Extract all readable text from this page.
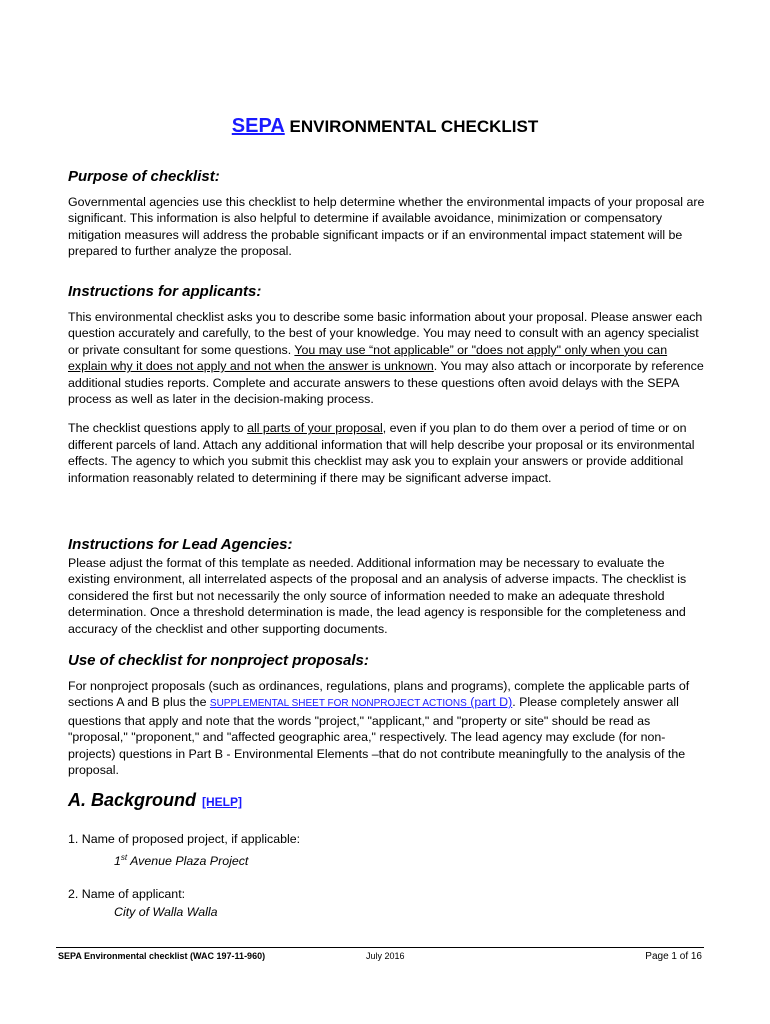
SEPA ENVIRONMENTAL CHECKLIST
Purpose of checklist:

Governmental agencies use this checklist to help determine whether the environmental impacts of your proposal are significant. This information is also helpful to determine if available avoidance, minimization or compensatory mitigation measures will address the probable significant impacts or if an environmental impact statement will be prepared to further analyze the proposal.

Instructions for applicants:

This environmental checklist asks you to describe some basic information about your proposal. Please answer each question accurately and carefully, to the best of your knowledge. You may need to consult with an agency specialist or private consultant for some questions. You may use “not applicable” or "does not apply" only when you can explain why it does not apply and not when the answer is unknown. You may also attach or incorporate by reference additional studies reports. Complete and accurate answers to these questions often avoid delays with the SEPA process as well as later in the decision-making process.

The checklist questions apply to all parts of your proposal, even if you plan to do them over a period of time or on different parcels of land. Attach any additional information that will help describe your proposal or its environmental effects. The agency to which you submit this checklist may ask you to explain your answers or provide additional information reasonably related to determining if there may be significant adverse impact.

Instructions for Lead Agencies:

Please adjust the format of this template as needed. Additional information may be necessary to evaluate the existing environment, all interrelated aspects of the proposal and an analysis of adverse impacts. The checklist is considered the first but not necessarily the only source of information needed to make an adequate threshold determination. Once a threshold determination is made, the lead agency is responsible for the completeness and accuracy of the checklist and other supporting documents.

Use of checklist for nonproject proposals:

For nonproject proposals (such as ordinances, regulations, plans and programs), complete the applicable parts of sections A and B plus the SUPPLEMENTAL SHEET FOR NONPROJECT ACTIONS (part D). Please completely answer all questions that apply and note that the words "project," "applicant," and "property or site" should be read as "proposal," "proponent," and "affected geographic area," respectively. The lead agency may exclude (for non-projects) questions in Part B - Environmental Elements –that do not contribute meaningfully to the analysis of the proposal.

A. Background [HELP]
1. Name of proposed project, if applicable:
1st Avenue Plaza Project
2. Name of applicant:
City of Walla Walla
SEPA Environmental checklist (WAC 197-11-960)	July 2016	Page 1 of 16
